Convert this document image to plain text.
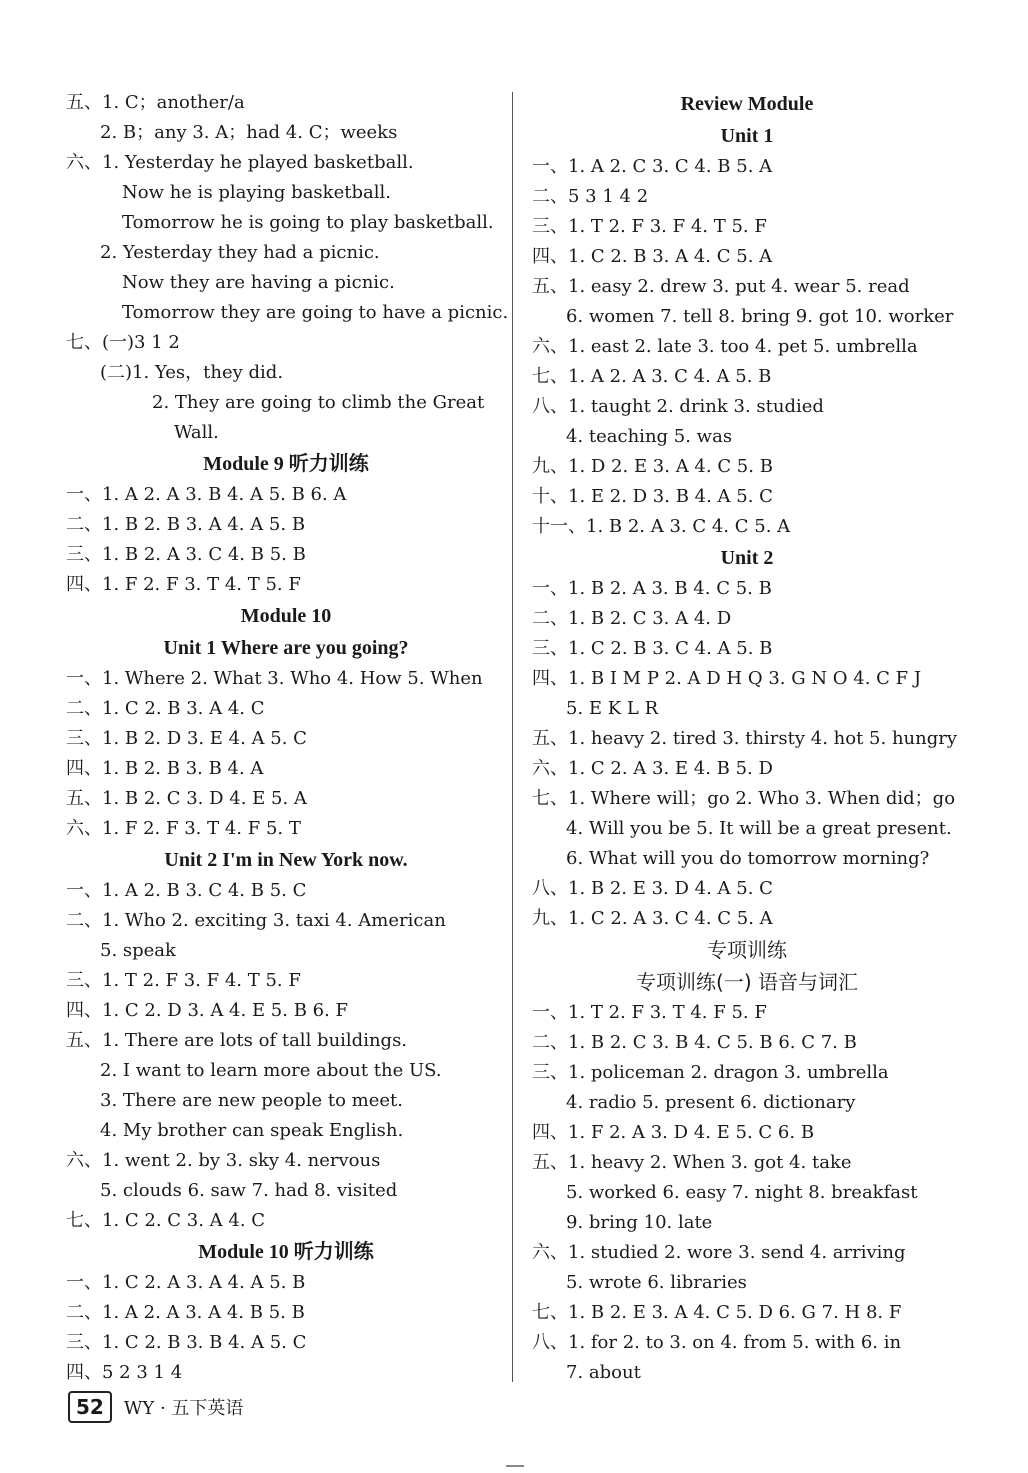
五、1. C；another/a
2. B；any 3. A；had 4. C；weeks
六、1. Yesterday he played basketball.
Now he is playing basketball.
Tomorrow he is going to play basketball.
2. Yesterday they had a picnic.
Now they are having a picnic.
Tomorrow they are going to have a picnic.
七、(一)3 1 2
(二)1. Yes，they did.
2. They are going to climb the Great
Wall.
Module 9 听力训练
一、1. A 2. A 3. B 4. A 5. B 6. A
二、1. B 2. B 3. A 4. A 5. B
三、1. B 2. A 3. C 4. B 5. B
四、1. F 2. F 3. T 4. T 5. F
Module 10
Unit 1 Where are you going?
一、1. Where 2. What 3. Who 4. How 5. When
二、1. C 2. B 3. A 4. C
三、1. B 2. D 3. E 4. A 5. C
四、1. B 2. B 3. B 4. A
五、1. B 2. C 3. D 4. E 5. A
六、1. F 2. F 3. T 4. F 5. T
Unit 2 I'm in New York now.
一、1. A 2. B 3. C 4. B 5. C
二、1. Who 2. exciting 3. taxi 4. American
5. speak
三、1. T 2. F 3. F 4. T 5. F
四、1. C 2. D 3. A 4. E 5. B 6. F
五、1. There are lots of tall buildings.
2. I want to learn more about the US.
3. There are new people to meet.
4. My brother can speak English.
六、1. went 2. by 3. sky 4. nervous
5. clouds 6. saw 7. had 8. visited
七、1. C 2. C 3. A 4. C
Module 10 听力训练
一、1. C 2. A 3. A 4. A 5. B
二、1. A 2. A 3. A 4. B 5. B
三、1. C 2. B 3. B 4. A 5. C
四、5 2 3 1 4
Review Module
Unit 1
一、1. A 2. C 3. C 4. B 5. A
二、5 3 1 4 2
三、1. T 2. F 3. F 4. T 5. F
四、1. C 2. B 3. A 4. C 5. A
五、1. easy 2. drew 3. put 4. wear 5. read
6. women 7. tell 8. bring 9. got 10. worker
六、1. east 2. late 3. too 4. pet 5. umbrella
七、1. A 2. A 3. C 4. A 5. B
八、1. taught 2. drink 3. studied
4. teaching 5. was
九、1. D 2. E 3. A 4. C 5. B
十、1. E 2. D 3. B 4. A 5. C
十一、1. B 2. A 3. C 4. C 5. A
Unit 2
一、1. B 2. A 3. B 4. C 5. B
二、1. B 2. C 3. A 4. D
三、1. C 2. B 3. C 4. A 5. B
四、1. B I M P 2. A D H Q 3. G N O 4. C F J
5. E K L R
五、1. heavy 2. tired 3. thirsty 4. hot 5. hungry
六、1. C 2. A 3. E 4. B 5. D
七、1. Where will；go 2. Who 3. When did；go
4. Will you be 5. It will be a great present.
6. What will you do tomorrow morning?
八、1. B 2. E 3. D 4. A 5. C
九、1. C 2. A 3. C 4. C 5. A
专项训练
专项训练(一) 语音与词汇
一、1. T 2. F 3. T 4. F 5. F
二、1. B 2. C 3. B 4. C 5. B 6. C 7. B
三、1. policeman 2. dragon 3. umbrella
4. radio 5. present 6. dictionary
四、1. F 2. A 3. D 4. E 5. C 6. B
五、1. heavy 2. When 3. got 4. take
5. worked 6. easy 7. night 8. breakfast
9. bring 10. late
六、1. studied 2. wore 3. send 4. arriving
5. wrote 6. libraries
七、1. B 2. E 3. A 4. C 5. D 6. G 7. H 8. F
八、1. for 2. to 3. on 4. from 5. with 6. in
7. about
52	WY · 五下英语
